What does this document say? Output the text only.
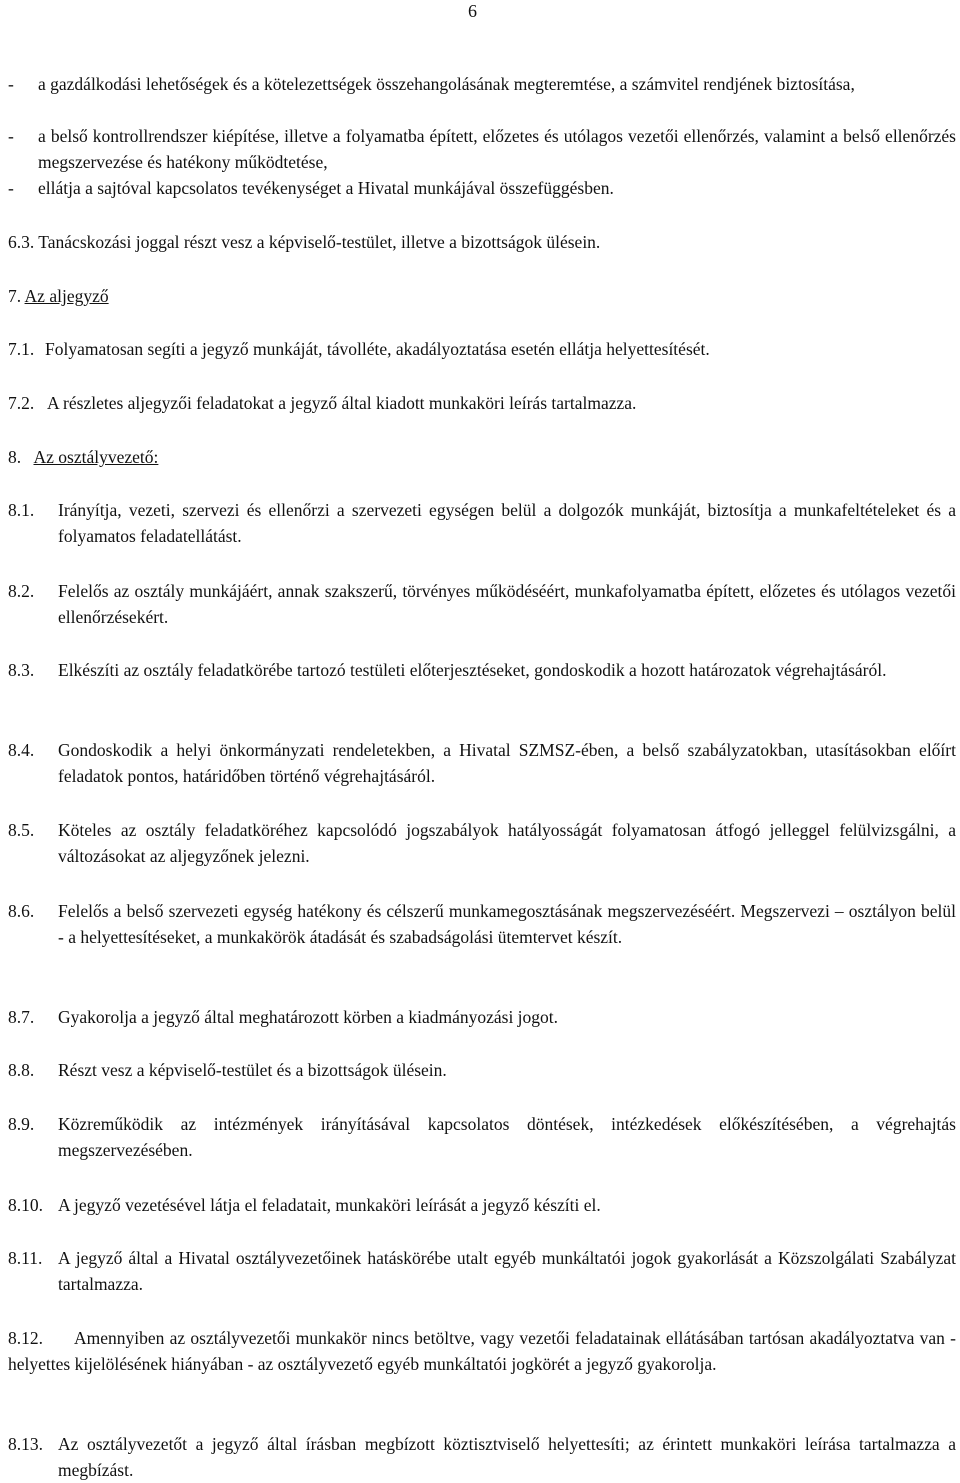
6
- a gazdálkodási lehetőségek és a kötelezettségek összehangolásának megteremtése, a számvitel rendjének biztosítása,
- a belső kontrollrendszer kiépítése, illetve a folyamatba épített, előzetes és utólagos vezetői ellenőrzés, valamint a belső ellenőrzés megszervezése és hatékony működtetése,
- ellátja a sajtóval kapcsolatos tevékenységet a Hivatal munkájával összefüggésben.
6.3. Tanácskozási joggal részt vesz a képviselő-testület, illetve a bizottságok ülésein.
7. Az aljegyző
7.1. Folyamatosan segíti a jegyző munkáját, távolléte, akadályoztatása esetén ellátja helyettesítését.
7.2. A részletes aljegyzői feladatokat a jegyző által kiadott munkaköri leírás tartalmazza.
8. Az osztályvezető:
8.1. Irányítja, vezeti, szervezi és ellenőrzi a szervezeti egységen belül a dolgozók munkáját, biztosítja a munkafeltételeket és a folyamatos feladatellátást.
8.2. Felelős az osztály munkájáért, annak szakszerű, törvényes működéséért, munkafolyamatba épített, előzetes és utólagos vezetői ellenőrzésekért.
8.3. Elkészíti az osztály feladatkörébe tartozó testületi előterjesztéseket, gondoskodik a hozott határozatok végrehajtásáról.
8.4. Gondoskodik a helyi önkormányzati rendeletekben, a Hivatal SZMSZ-ében, a belső szabályzatokban, utasításokban előírt feladatok pontos, határidőben történő végrehajtásáról.
8.5. Köteles az osztály feladatköréhez kapcsolódó jogszabályok hatályosságát folyamatosan átfogó jelleggel felülvizsgálni, a változásokat az aljegyzőnek jelezni.
8.6. Felelős a belső szervezeti egység hatékony és célszerű munkamegosztásának megszervezéséért. Megszervezi – osztályon belül - a helyettesítéseket, a munkakörök átadását és szabadságolási ütemtervet készít.
8.7. Gyakorolja a jegyző által meghatározott körben a kiadmányozási jogot.
8.8. Részt vesz a képviselő-testület és a bizottságok ülésein.
8.9. Közreműködik az intézmények irányításával kapcsolatos döntések, intézkedések előkészítésében, a végrehajtás megszervezésében.
8.10. A jegyző vezetésével látja el feladatait, munkaköri leírását a jegyző készíti el.
8.11. A jegyző által a Hivatal osztályvezetőinek hatáskörébe utalt egyéb munkáltatói jogok gyakorlását a Közszolgálati Szabályzat tartalmazza.
8.12.	Amennyiben az osztályvezetői munkakör nincs betöltve, vagy vezetői feladatainak ellátásában tartósan akadályoztatva van - helyettes kijelölésének hiányában - az osztályvezető egyéb munkáltatói jogkörét a jegyző gyakorolja.
8.13. Az osztályvezetőt a jegyző által írásban megbízott köztisztviselő helyettesíti; az érintett munkaköri leírása tartalmazza a megbízást.
